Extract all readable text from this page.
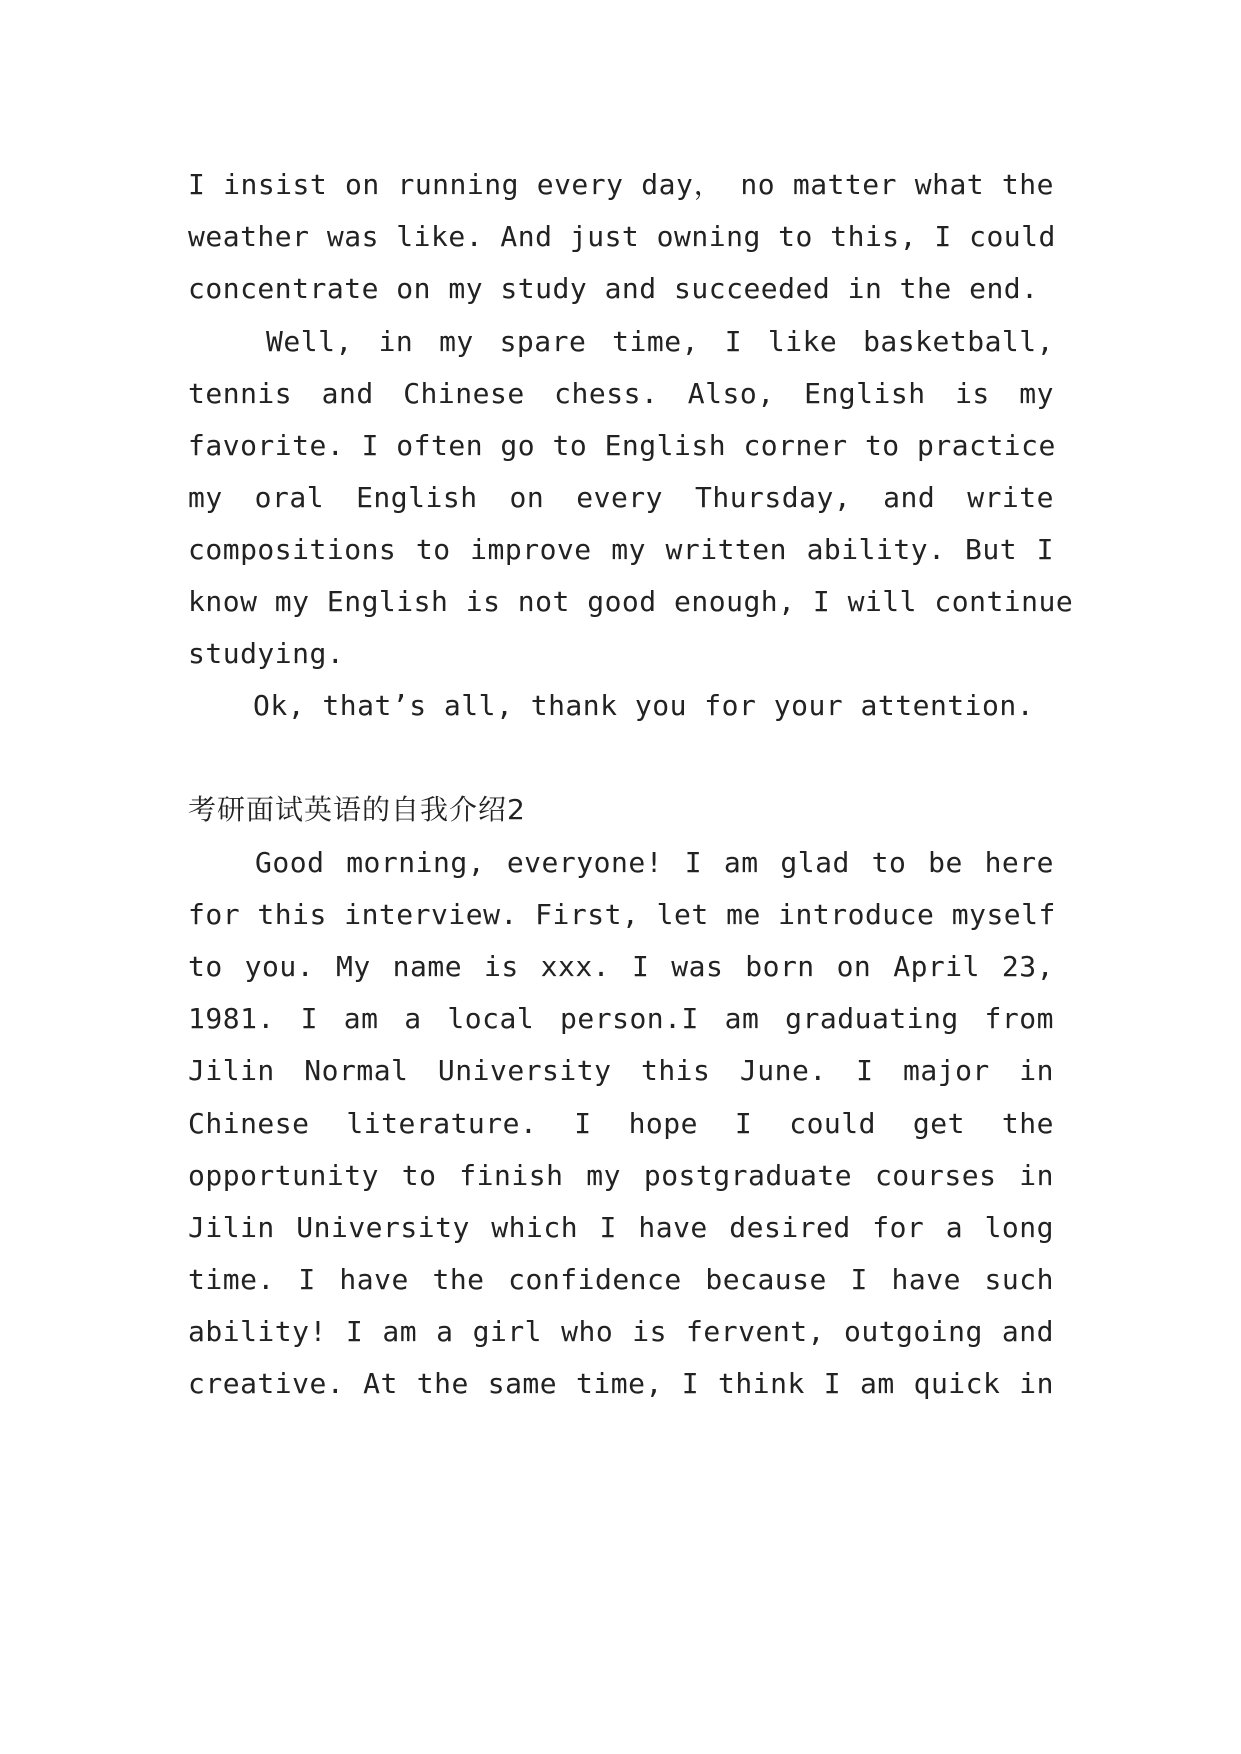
I insist on running every day， no matter what the
weather was like. And just owning to this, I could
concentrate on my study and succeeded in the end.
Well, in my spare time, I like basketball,
tennis and Chinese chess. Also, English is my
favorite. I often go to English corner to practice
my oral English on every Thursday, and write
compositions to improve my written ability. But I
know my English is not good enough, I will continue
studying.
Ok, that’s all, thank you for your attention.
考研面试英语的自我介绍2
Good morning, everyone! I am glad to be here
for this interview. First, let me introduce myself
to you. My name is xxx. I was born on April 23,
1981. I am a local person.I am graduating from
Jilin Normal University this June. I major in
Chinese literature. I hope I could get the
opportunity to finish my postgraduate courses in
Jilin University which I have desired for a long
time. I have the confidence because I have such
ability! I am a girl who is fervent, outgoing and
creative. At the same time, I think I am quick in
